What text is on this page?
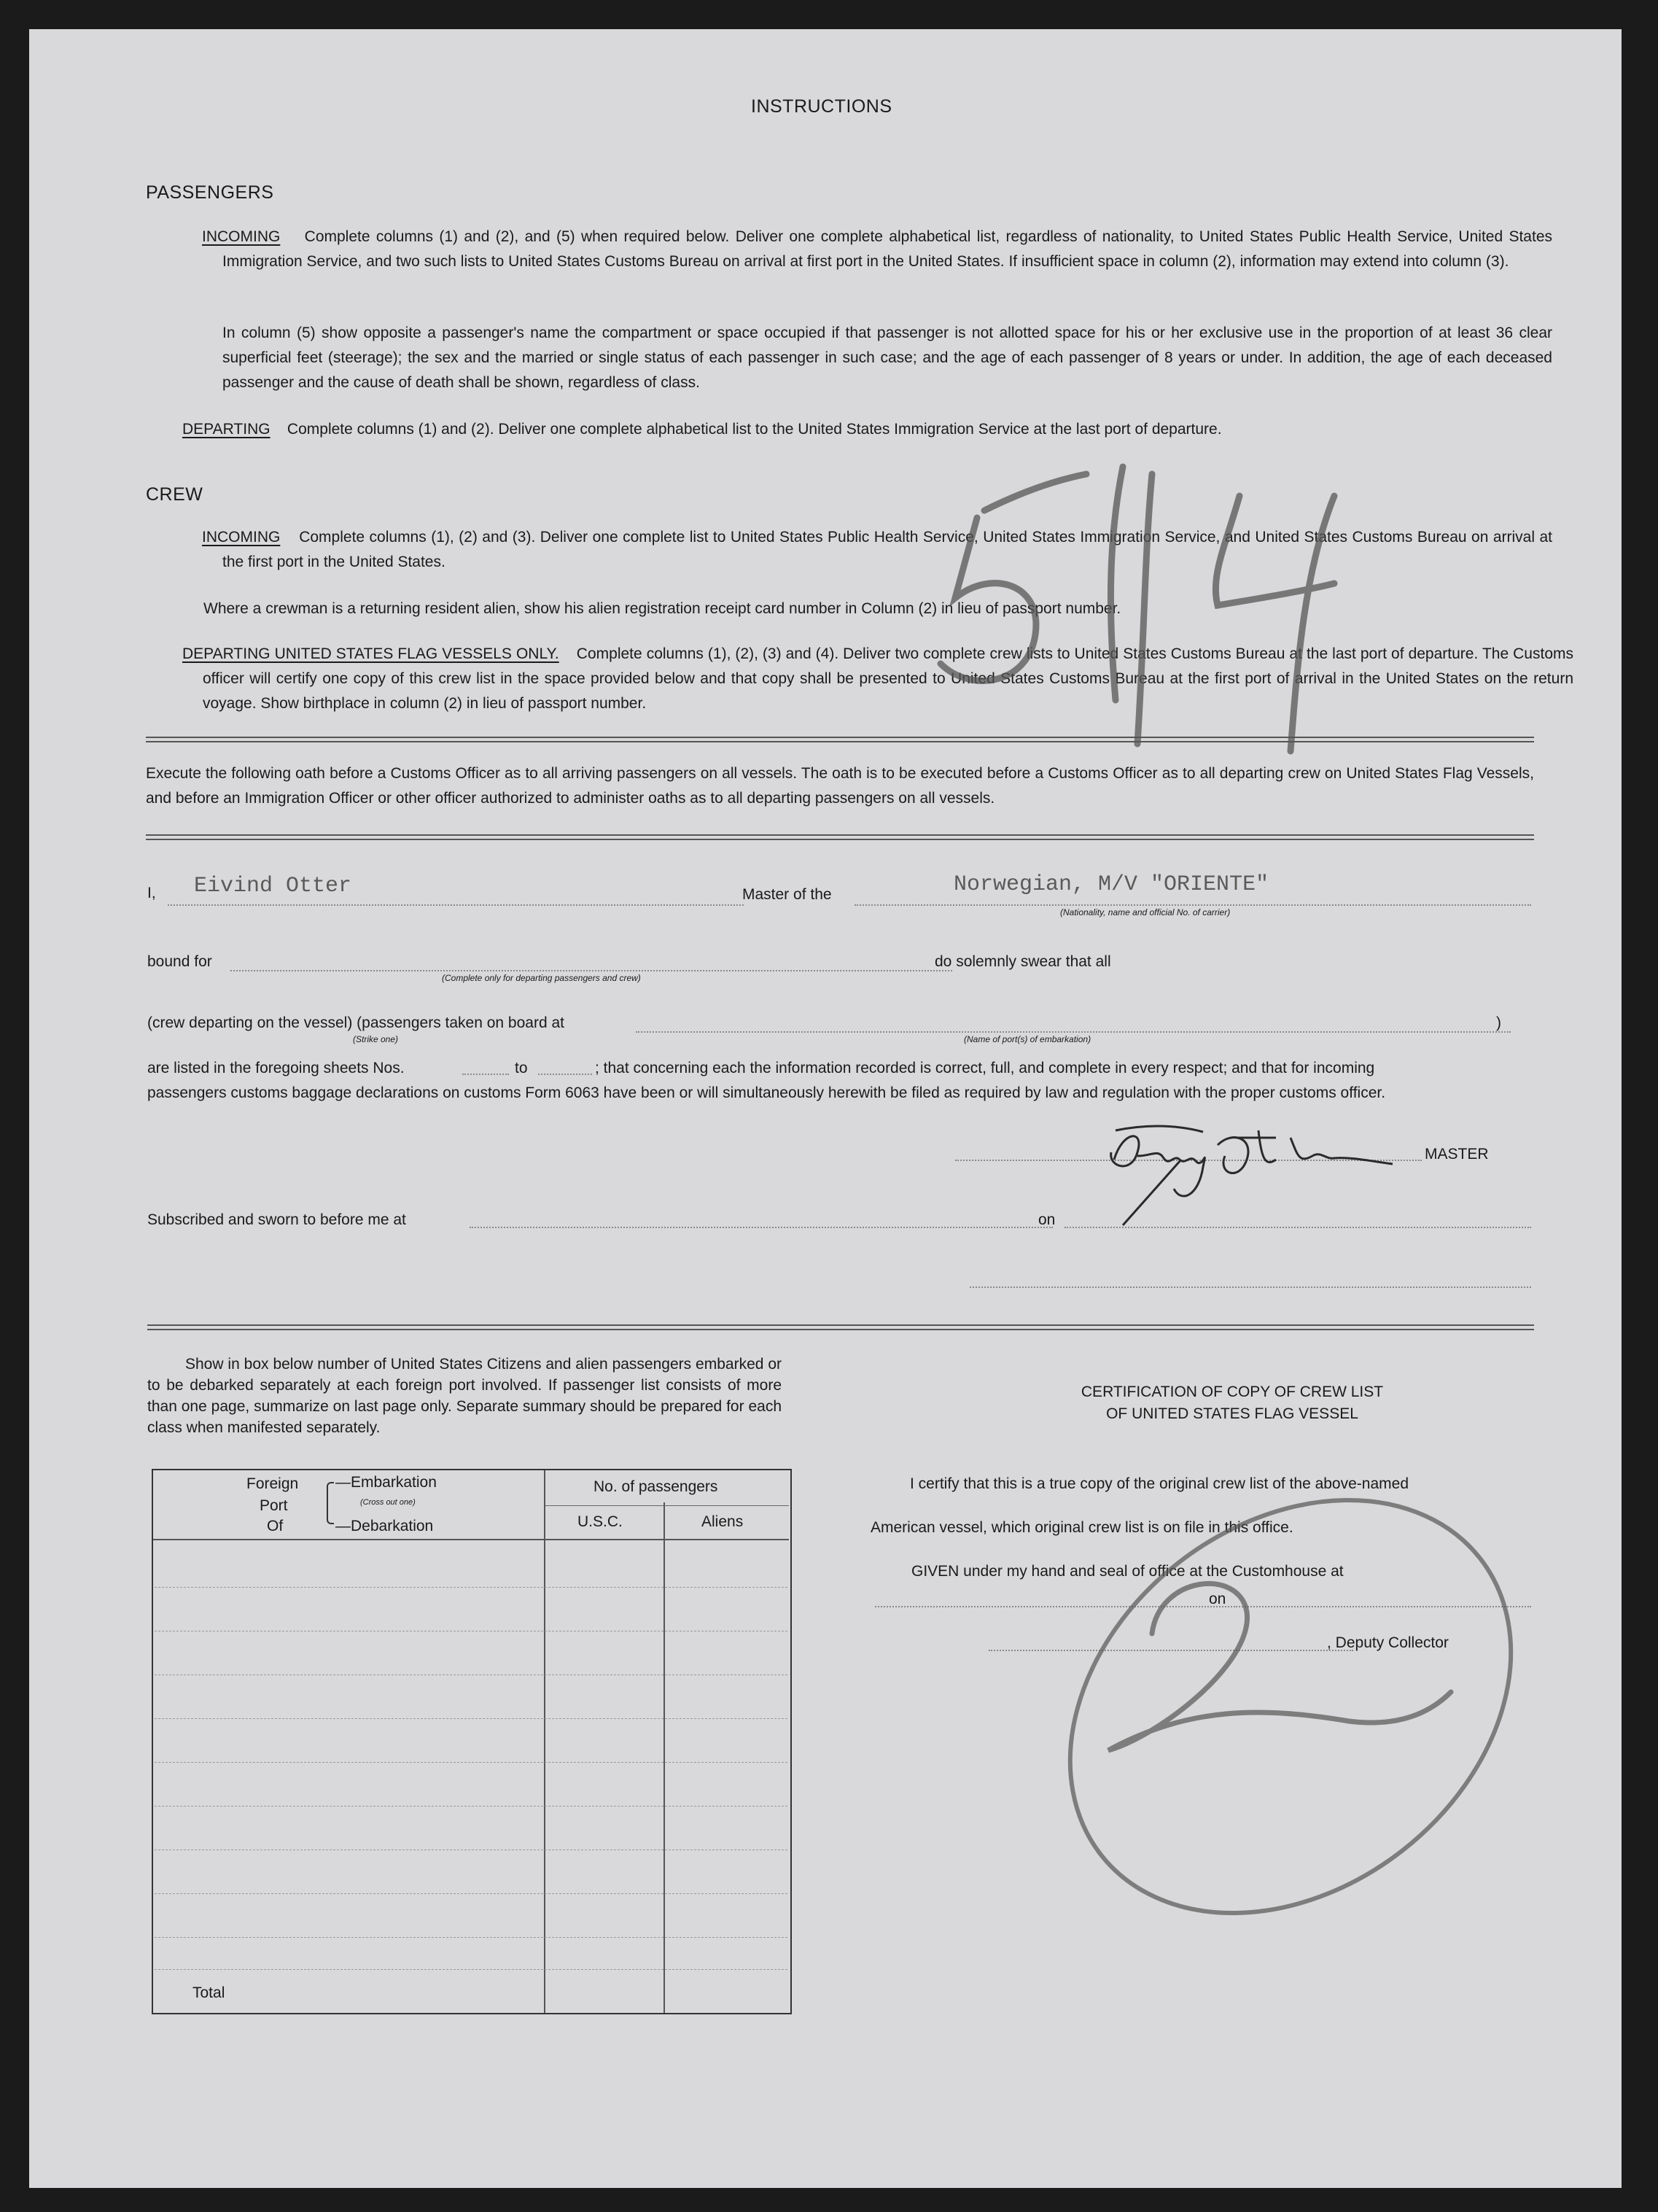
INSTRUCTIONS
PASSENGERS
INCOMING Complete columns (1) and (2), and (5) when required below. Deliver one complete alphabetical list, regardless of nationality, to United States Public Health Service, United States Immigration Service, and two such lists to United States Customs Bureau on arrival at first port in the United States. If insufficient space in column (2), information may extend into column (3).
In column (5) show opposite a passenger's name the compartment or space occupied if that passenger is not allotted space for his or her exclusive use in the proportion of at least 36 clear superficial feet (steerage); the sex and the married or single status of each passenger in such case; and the age of each passenger of 8 years or under. In addition, the age of each deceased passenger and the cause of death shall be shown, regardless of class.
DEPARTING Complete columns (1) and (2). Deliver one complete alphabetical list to the United States Immigration Service at the last port of departure.
CREW
INCOMING Complete columns (1), (2) and (3). Deliver one complete list to United States Public Health Service, United States Immigration Service, and United States Customs Bureau on arrival at the first port in the United States.
Where a crewman is a returning resident alien, show his alien registration receipt card number in Column (2) in lieu of passport number.
DEPARTING UNITED STATES FLAG VESSELS ONLY. Complete columns (1), (2), (3) and (4). Deliver two complete crew lists to United States Customs Bureau at the last port of departure. The Customs officer will certify one copy of this crew list in the space provided below and that copy shall be presented to United States Customs Bureau at the first port of arrival in the United States on the return voyage. Show birthplace in column (2) in lieu of passport number.
Execute the following oath before a Customs Officer as to all arriving passengers on all vessels. The oath is to be executed before a Customs Officer as to all departing crew on United States Flag Vessels, and before an Immigration Officer or other officer authorized to administer oaths as to all departing passengers on all vessels.
I, Eivind Otter	Master of the	Norwegian, M/V "ORIENTE"
(Nationality, name and official No. of carrier)
bound for
(Complete only for departing passengers and crew)
do solemnly swear that all
(crew departing on the vessel) (passengers taken on board at	)
(Strike one)	(Name of port(s) of embarkation)
are listed in the foregoing sheets Nos.	to	; that concerning each the information recorded is correct, full, and complete in every respect; and that for incoming
passengers customs baggage declarations on customs Form 6063 have been or will simultaneously herewith be filed as required by law and regulation with the proper customs officer.
MASTER
Subscribed and sworn to before me at	on
Show in box below number of United States Citizens and alien passengers embarked or to be debarked separately at each foreign port involved. If passenger list consists of more than one page, summarize on last page only. Separate summary should be prepared for each class when manifested separately.
Foreign
Port
Of
—Embarkation
(Cross out one)
—Debarkation
No. of passengers
U.S.C.	Aliens
Total
CERTIFICATION OF COPY OF CREW LIST
OF UNITED STATES FLAG VESSEL
I certify that this is a true copy of the original crew list of the above-named
American vessel, which original crew list is on file in this office.
GIVEN under my hand and seal of office at the Customhouse at
on
, Deputy Collector
